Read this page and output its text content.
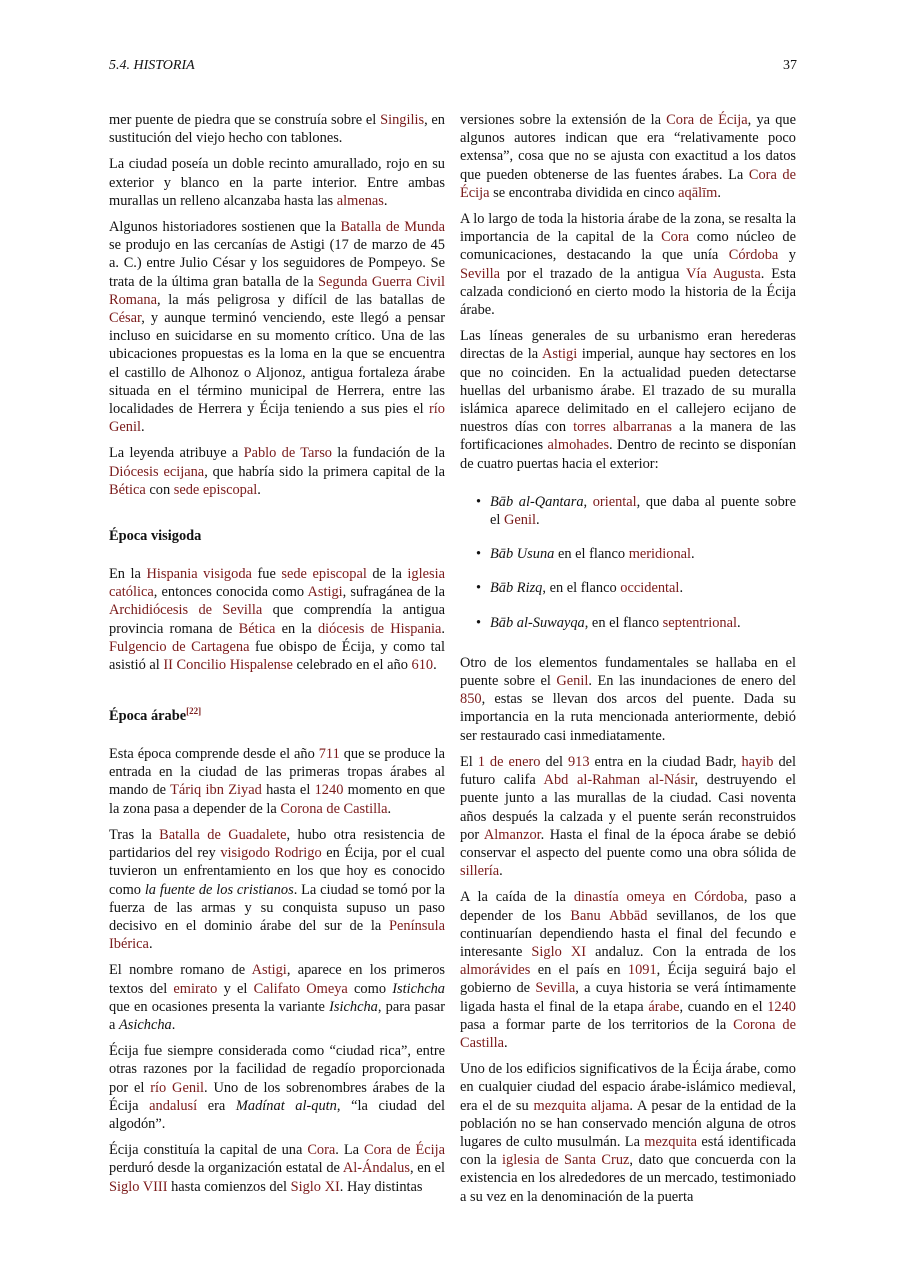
5.4. HISTORIA	37

mer puente de piedra que se construía sobre el Singilis, en sustitución del viejo hecho con tablones.

La ciudad poseía un doble recinto amurallado, rojo en su exterior y blanco en la parte interior. Entre ambas murallas un relleno alcanzaba hasta las almenas.

Algunos historiadores sostienen que la Batalla de Munda se produjo en las cercanías de Astigi (17 de marzo de 45 a. C.) entre Julio César y los seguidores de Pompeyo. Se trata de la última gran batalla de la Segunda Guerra Civil Romana, la más peligrosa y difícil de las batallas de César, y aunque terminó venciendo, este llegó a pensar incluso en suicidarse en su momento crítico. Una de las ubicaciones propuestas es la loma en la que se encuentra el castillo de Alhonoz o Aljonoz, antigua fortaleza árabe situada en el término municipal de Herrera, entre las localidades de Herrera y Écija teniendo a sus pies el río Genil.

La leyenda atribuye a Pablo de Tarso la fundación de la Diócesis ecijana, que habría sido la primera capital de la Bética con sede episcopal.

Época visigoda

En la Hispania visigoda fue sede episcopal de la iglesia católica, entonces conocida como Astigi, sufragánea de la Archidiócesis de Sevilla que comprendía la antigua provincia romana de Bética en la diócesis de Hispania. Fulgencio de Cartagena fue obispo de Écija, y como tal asistió al II Concilio Hispalense celebrado en el año 610.

Época árabe[22]

Esta época comprende desde el año 711 que se produce la entrada en la ciudad de las primeras tropas árabes al mando de Táriq ibn Ziyad hasta el 1240 momento en que la zona pasa a depender de la Corona de Castilla.

Tras la Batalla de Guadalete, hubo otra resistencia de partidarios del rey visigodo Rodrigo en Écija, por el cual tuvieron un enfrentamiento en los que hoy es conocido como la fuente de los cristianos. La ciudad se tomó por la fuerza de las armas y su conquista supuso un paso decisivo en el dominio árabe del sur de la Península Ibérica.

El nombre romano de Astigi, aparece en los primeros textos del emirato y el Califato Omeya como Istichcha que en ocasiones presenta la variante Isichcha, para pasar a Asichcha.

Écija fue siempre considerada como “ciudad rica”, entre otras razones por la facilidad de regadío proporcionada por el río Genil. Uno de los sobrenombres árabes de la Écija andalusí era Madínat al-qutn, “la ciudad del algodón”.

Écija constituía la capital de una Cora. La Cora de Écija perduró desde la organización estatal de Al-Ándalus, en el Siglo VIII hasta comienzos del Siglo XI. Hay distintas

versiones sobre la extensión de la Cora de Écija, ya que algunos autores indican que era “relativamente poco extensa”, cosa que no se ajusta con exactitud a los datos que pueden obtenerse de las fuentes árabes. La Cora de Écija se encontraba dividida en cinco aqālīm.

A lo largo de toda la historia árabe de la zona, se resalta la importancia de la capital de la Cora como núcleo de comunicaciones, destacando la que unía Córdoba y Sevilla por el trazado de la antigua Vía Augusta. Esta calzada condicionó en cierto modo la historia de la Écija árabe.

Las líneas generales de su urbanismo eran herederas directas de la Astigi imperial, aunque hay sectores en los que no coinciden. En la actualidad pueden detectarse huellas del urbanismo árabe. El trazado de su muralla islámica aparece delimitado en el callejero ecijano de nuestros días con torres albarranas a la manera de las fortificaciones almohades. Dentro de recinto se disponían de cuatro puertas hacia el exterior:

• Bāb al-Qantara, oriental, que daba al puente sobre el Genil.
• Bāb Usuna en el flanco meridional.
• Bāb Rizq, en el flanco occidental.
• Bāb al-Suwayqa, en el flanco septentrional.

Otro de los elementos fundamentales se hallaba en el puente sobre el Genil. En las inundaciones de enero del 850, estas se llevan dos arcos del puente. Dada su importancia en la ruta mencionada anteriormente, debió ser restaurado casi inmediatamente.

El 1 de enero del 913 entra en la ciudad Badr, hayib del futuro califa Abd al-Rahman al-Násir, destruyendo el puente junto a las murallas de la ciudad. Casi noventa años después la calzada y el puente serán reconstruidos por Almanzor. Hasta el final de la época árabe se debió conservar el aspecto del puente como una obra sólida de sillería.

A la caída de la dinastía omeya en Córdoba, paso a depender de los Banu Abbād sevillanos, de los que continuarían dependiendo hasta el final del fecundo e interesante Siglo XI andaluz. Con la entrada de los almorávides en el país en 1091, Écija seguirá bajo el gobierno de Sevilla, a cuya historia se verá íntimamente ligada hasta el final de la etapa árabe, cuando en el 1240 pasa a formar parte de los territorios de la Corona de Castilla.

Uno de los edificios significativos de la Écija árabe, como en cualquier ciudad del espacio árabe-islámico medieval, era el de su mezquita aljama. A pesar de la entidad de la población no se han conservado mención alguna de otros lugares de culto musulmán. La mezquita está identificada con la iglesia de Santa Cruz, dato que concuerda con la existencia en los alrededores de un mercado, testimoniado a su vez en la denominación de la puerta
